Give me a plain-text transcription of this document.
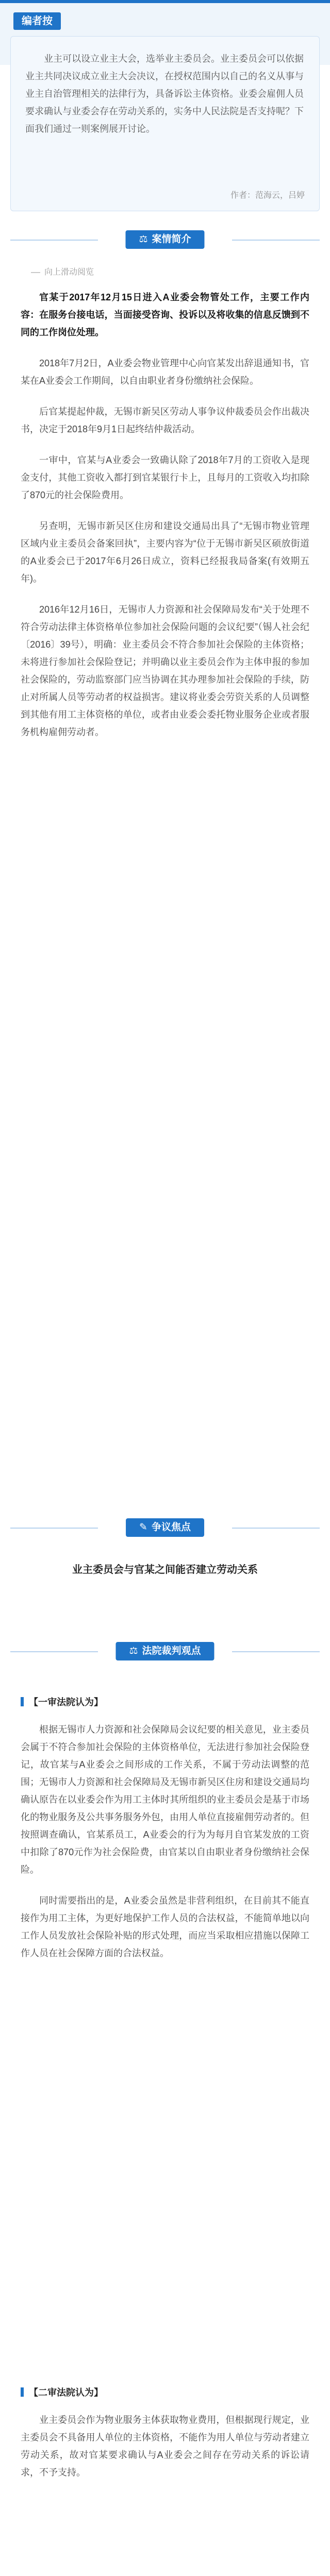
编者按

业主可以设立业主大会，选举业主委员会。业主委员会可以依据业主共同决议成立业主大会决议，在授权范围内以自己的名义从事与业主自治管理相关的法律行为，具备诉讼主体资格。业委会雇佣人员要求确认与业委会存在劳动关系的，实务中人民法院是否支持呢？下面我们通过一则案例展开讨论。

作者：范海云，吕婷
⚖ 案情简介
向上滑动阅览

官某于2017年12月15日进入A业委会物管处工作，主要工作内容：在服务台接电话，当面接受咨询、投诉以及将收集的信息反馈到不同的工作岗位处理。

2018年7月2日，A业委会物业管理中心向官某发出辞退通知书，官某在A业委会工作期间，以自由职业者身份缴纳社会保险。

后官某提起仲裁，无锡市新吴区劳动人事争议仲裁委员会作出裁决书，决定于2018年9月1日起终结仲裁活动。

一审中，官某与A业委会一致确认除了2018年7月的工资收入是现金支付，其他工资收入都打到官某银行卡上，且每月的工资收入均扣除了870元的社会保险费用。

另查明，无锡市新吴区住房和建设交通局出具了“无锡市物业管理区域内业主委员会备案回执”，主要内容为“位于无锡市新吴区硕放街道的A业委会已于2017年6月26日成立，资料已经报我局备案(有效期五年)。

2016年12月16日，无锡市人力资源和社会保障局发布“关于处理不符合劳动法律主体资格单位参加社会保险问题的会议纪要”（锡人社会纪〔2016〕39号），明确：业主委员会不符合参加社会保险的主体资格；未将进行参加社会保险登记；并明确以业主委员会作为主体申报的参加社会保险的，劳动监察部门应当协调在其办理参加社会保险的手续，防止对所属人员等劳动者的权益损害。建议将业委会劳资关系的人员调整到其他有用工主体资格的单位，或者由业委会委托物业服务企业或者服务机构雇佣劳动者。

✎ 争议焦点
业主委员会与官某之间能否建立劳动关系
⚖ 法院裁判观点
【一审法院认为】

根据无锡市人力资源和社会保障局会议纪要的相关意见，业主委员会属于不符合参加社会保险的主体资格单位，无法进行参加社会保险登记，故官某与A业委会之间形成的工作关系，不属于劳动法调整的范围；无锡市人力资源和社会保障局及无锡市新吴区住房和建设交通局均确认原告在以业委会作为用工主体时其所组织的业主委员会是基于市场化的物业服务及公共事务服务外包，由用人单位直接雇佣劳动者的。但按照调查确认，官某系员工，A业委会的行为为每月自官某发放的工资中扣除了870元作为社会保险费，由官某以自由职业者身份缴纳社会保险。

同时需要指出的是，A业委会虽然是非营利组织，在目前其不能直接作为用工主体，为更好地保护工作人员的合法权益，不能简单地以向工作人员发放社会保险补贴的形式处理，而应当采取相应措施以保障工作人员在社会保障方面的合法权益。

【二审法院认为】

业主委员会作为物业服务主体获取物业费用，但根据现行规定，业主委员会不具备用人单位的主体资格，不能作为用人单位与劳动者建立劳动关系，故对官某要求确认与A业委会之间存在劳动关系的诉讼请求，不予支持。
